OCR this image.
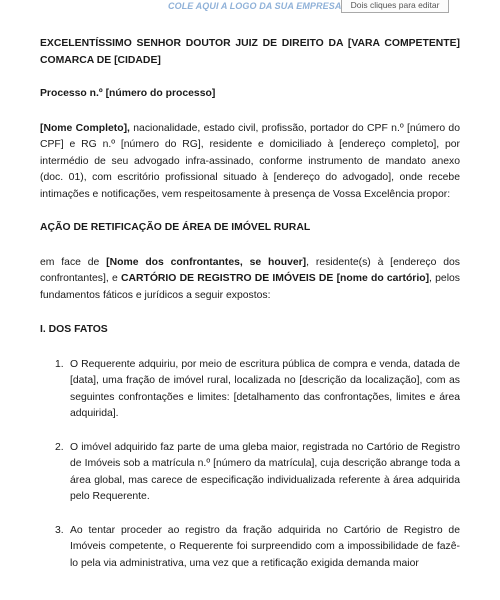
COLE AQUI A LOGO DA SUA EMPRESA	Dois cliques para editar

EXCELENTÍSSIMO SENHOR DOUTOR JUIZ DE DIREITO DA [VARA COMPETENTE] COMARCA DE [CIDADE]

Processo n.º [número do processo]

[Nome Completo], nacionalidade, estado civil, profissão, portador do CPF n.º [número do CPF] e RG n.º [número do RG], residente e domiciliado à [endereço completo], por intermédio de seu advogado infra-assinado, conforme instrumento de mandato anexo (doc. 01), com escritório profissional situado à [endereço do advogado], onde recebe intimações e notificações, vem respeitosamente à presença de Vossa Excelência propor:

AÇÃO DE RETIFICAÇÃO DE ÁREA DE IMÓVEL RURAL

em face de [Nome dos confrontantes, se houver], residente(s) à [endereço dos confrontantes], e CARTÓRIO DE REGISTRO DE IMÓVEIS DE [nome do cartório], pelos fundamentos fáticos e jurídicos a seguir expostos:

I. DOS FATOS

1. O Requerente adquiriu, por meio de escritura pública de compra e venda, datada de [data], uma fração de imóvel rural, localizada no [descrição da localização], com as seguintes confrontações e limites: [detalhamento das confrontações, limites e área adquirida].
2. O imóvel adquirido faz parte de uma gleba maior, registrada no Cartório de Registro de Imóveis sob a matrícula n.º [número da matrícula], cuja descrição abrange toda a área global, mas carece de especificação individualizada referente à área adquirida pelo Requerente.
3. Ao tentar proceder ao registro da fração adquirida no Cartório de Registro de Imóveis competente, o Requerente foi surpreendido com a impossibilidade de fazê-lo pela via administrativa, uma vez que a retificação exigida demanda maior
